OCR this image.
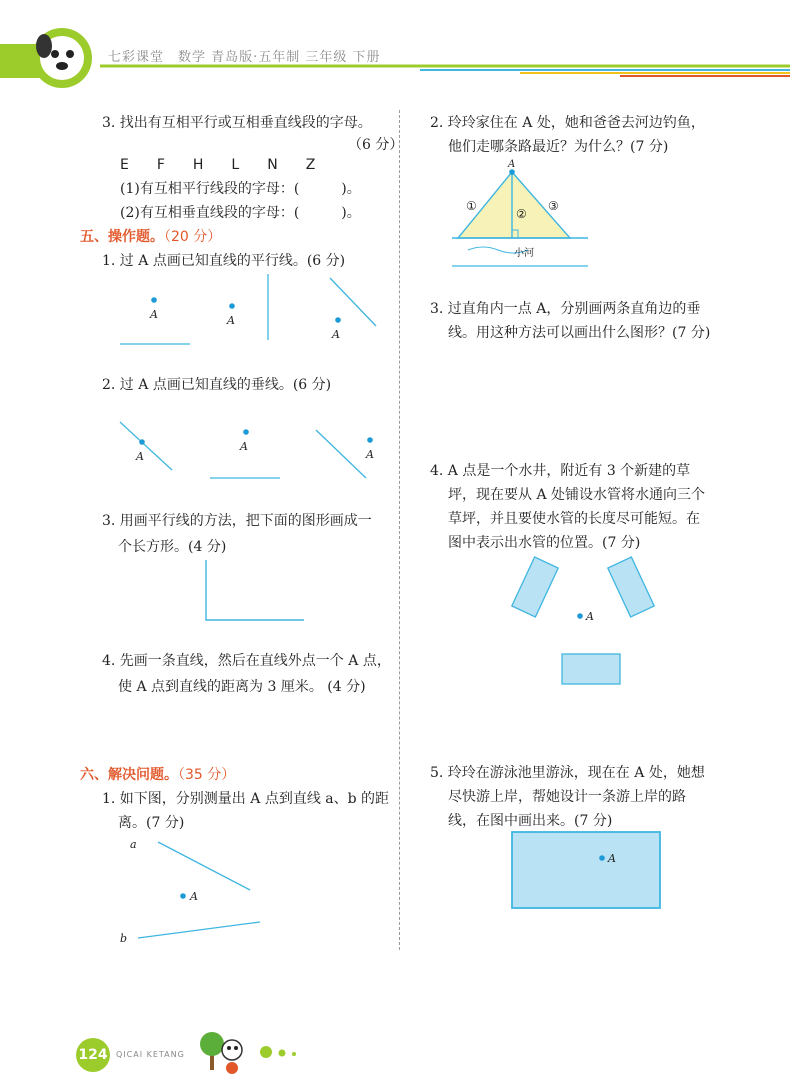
七彩课堂　数学 青岛版·五年制 三年级 下册
3. 找出有互相平行或互相垂直线段的字母。
（6 分）
E　　F　　H　　L　　N　　Z
(1)有互相平行线段的字母：(　　　)。
(2)有互相垂直线段的字母：(　　　)。
五、操作题。（20 分）
1. 过 A 点画已知直线的平行线。(6 分)
A	A
A
2. 过 A 点画已知直线的垂线。(6 分)
A
A
A
3. 用画平行线的方法，把下面的图形画成一
个长方形。(4 分)
4. 先画一条直线，然后在直线外点一个 A 点，
使 A 点到直线的距离为 3 厘米。 (4 分)
六、解决问题。（35 分）
1. 如下图，分别测量出 A 点到直线 a、b 的距
离。(7 分)
a
A
b
2. 玲玲家住在 A 处，她和爸爸去河边钓鱼，
他们走哪条路最近？为什么？(7 分)
A
①
②
③
小河
3. 过直角内一点 A，分别画两条直角边的垂
线。用这种方法可以画出什么图形？(7 分)
4. A 点是一个水井，附近有 3 个新建的草
坪，现在要从 A 处铺设水管将水通向三个
草坪，并且要使水管的长度尽可能短。在
图中表示出水管的位置。(7 分)
A
5. 玲玲在游泳池里游泳，现在在 A 处，她想
尽快游上岸，帮她设计一条游上岸的路
线，在图中画出来。(7 分)
A
124 QICAI KETANG
